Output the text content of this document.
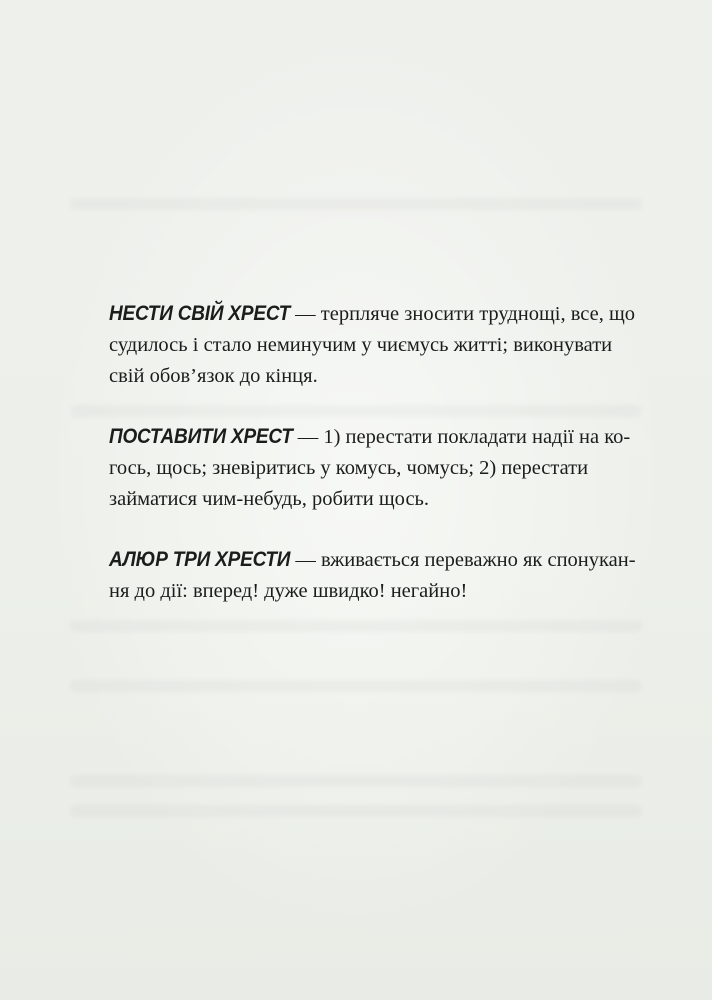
НЕСТИ СВІЙ ХРЕСТ — терпляче зносити труднощі, все, що
судилось і стало неминучим у чиємусь житті; виконувати
свій обов’язок до кінця.
ПОСТАВИТИ ХРЕСТ — 1) перестати покладати надії на ко-
гось, щось; зневіритись у комусь, чомусь; 2) перестати
займатися чим-небудь, робити щось.
АЛЮР ТРИ ХРЕСТИ — вживається переважно як спонукан-
ня до дії: вперед! дуже швидко! негайно!
